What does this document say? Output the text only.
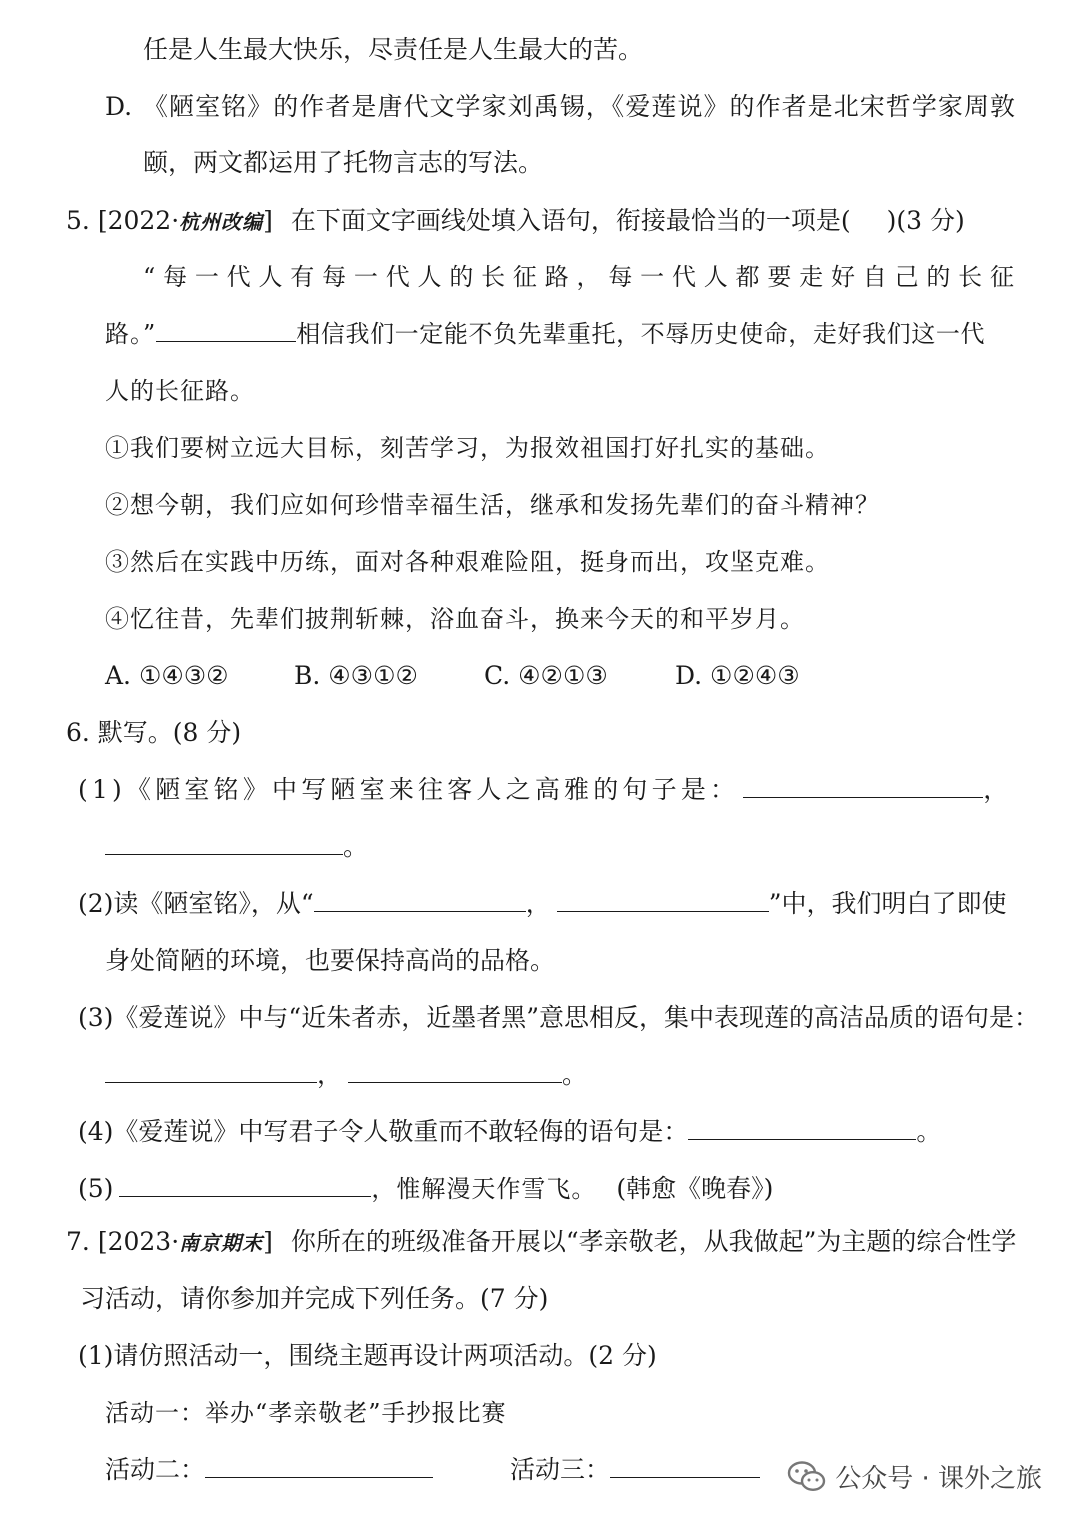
任是人生最大快乐，尽责任是人生最大的苦。
D. 《陋室铭》的作者是唐代文学家刘禹锡，《爱莲说》的作者是北宋哲学家周敦
颐，两文都运用了托物言志的写法。
5. [2022·杭州改编] 在下面文字画线处填入语句，衔接最恰当的一项是( )(3 分)
“每一代人有每一代人的长征路，每一代人都要走好自己的长征
路。”	相信我们一定能不负先辈重托，不辱历史使命，走好我们这一代
人的长征路。
①我们要树立远大目标，刻苦学习，为报效祖国打好扎实的基础。
②想今朝，我们应如何珍惜幸福生活，继承和发扬先辈们的奋斗精神？
③然后在实践中历练，面对各种艰难险阻，挺身而出，攻坚克难。
④忆往昔，先辈们披荆斩棘，浴血奋斗，换来今天的和平岁月。
A. ①④③②	B. ④③①②	C. ④②①③	D. ①②④③
6. 默写。(8 分)
(1)《陋室铭》中写陋室来往客人之高雅的句子是：	，
。
(2)读《陋室铭》，从“	，	”中，我们明白了即使
身处简陋的环境，也要保持高尚的品格。
(3)《爱莲说》中与“近朱者赤，近墨者黑”意思相反，集中表现莲的高洁品质的语句是：
，	。
(4)《爱莲说》中写君子令人敬重而不敢轻侮的语句是：	。
(5)	，惟解漫天作雪飞。 (韩愈《晚春》)
7. [2023·南京期末] 你所在的班级准备开展以“孝亲敬老，从我做起”为主题的综合性学
习活动，请你参加并完成下列任务。(7 分)
(1)请仿照活动一，围绕主题再设计两项活动。(2 分)
活动一：举办“孝亲敬老”手抄报比赛
活动二：	活动三：	公众号 · 课外之旅
